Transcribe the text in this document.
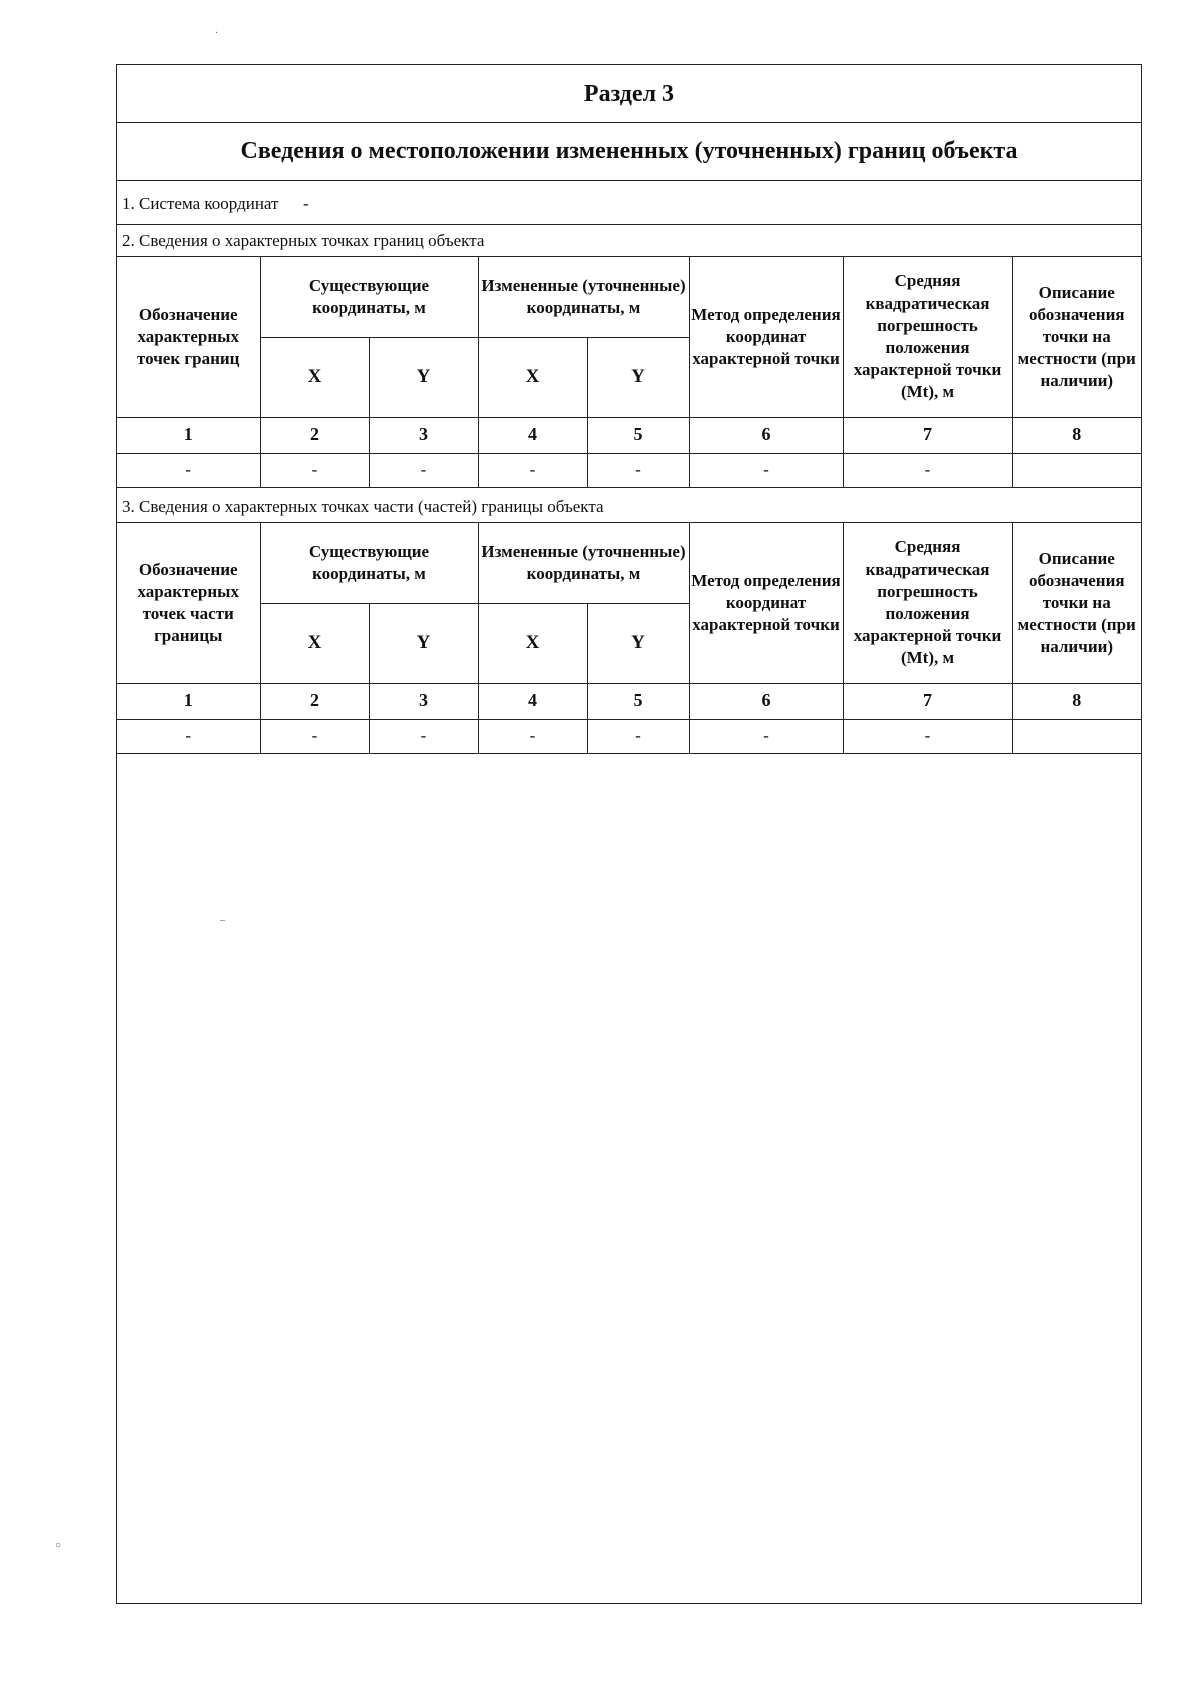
Раздел 3
Сведения о местоположении измененных (уточненных) границ объекта
1. Система координат -
2. Сведения о характерных точках границ объекта
Обозначение характерных точек границ	Существующие координаты, м		Измененные (уточненные) координаты, м		Метод определения координат характерной точки	Средняя квадратическая погрешность положения характерной точки (Mt), м	Описание обозначения точки на местности (при наличии)
	X	Y	X	Y			
1	2	3	4	5	6	7	8
-	-	-	-	-	-	-	
3. Сведения о характерных точках части (частей) границы объекта
Обозначение характерных точек части границы	Существующие координаты, м		Измененные (уточненные) координаты, м		Метод определения координат характерной точки	Средняя квадратическая погрешность положения характерной точки (Mt), м	Описание обозначения точки на местности (при наличии)
	X	Y	X	Y			
1	2	3	4	5	6	7	8
-	-	-	-	-	-	-	
·
–
○
